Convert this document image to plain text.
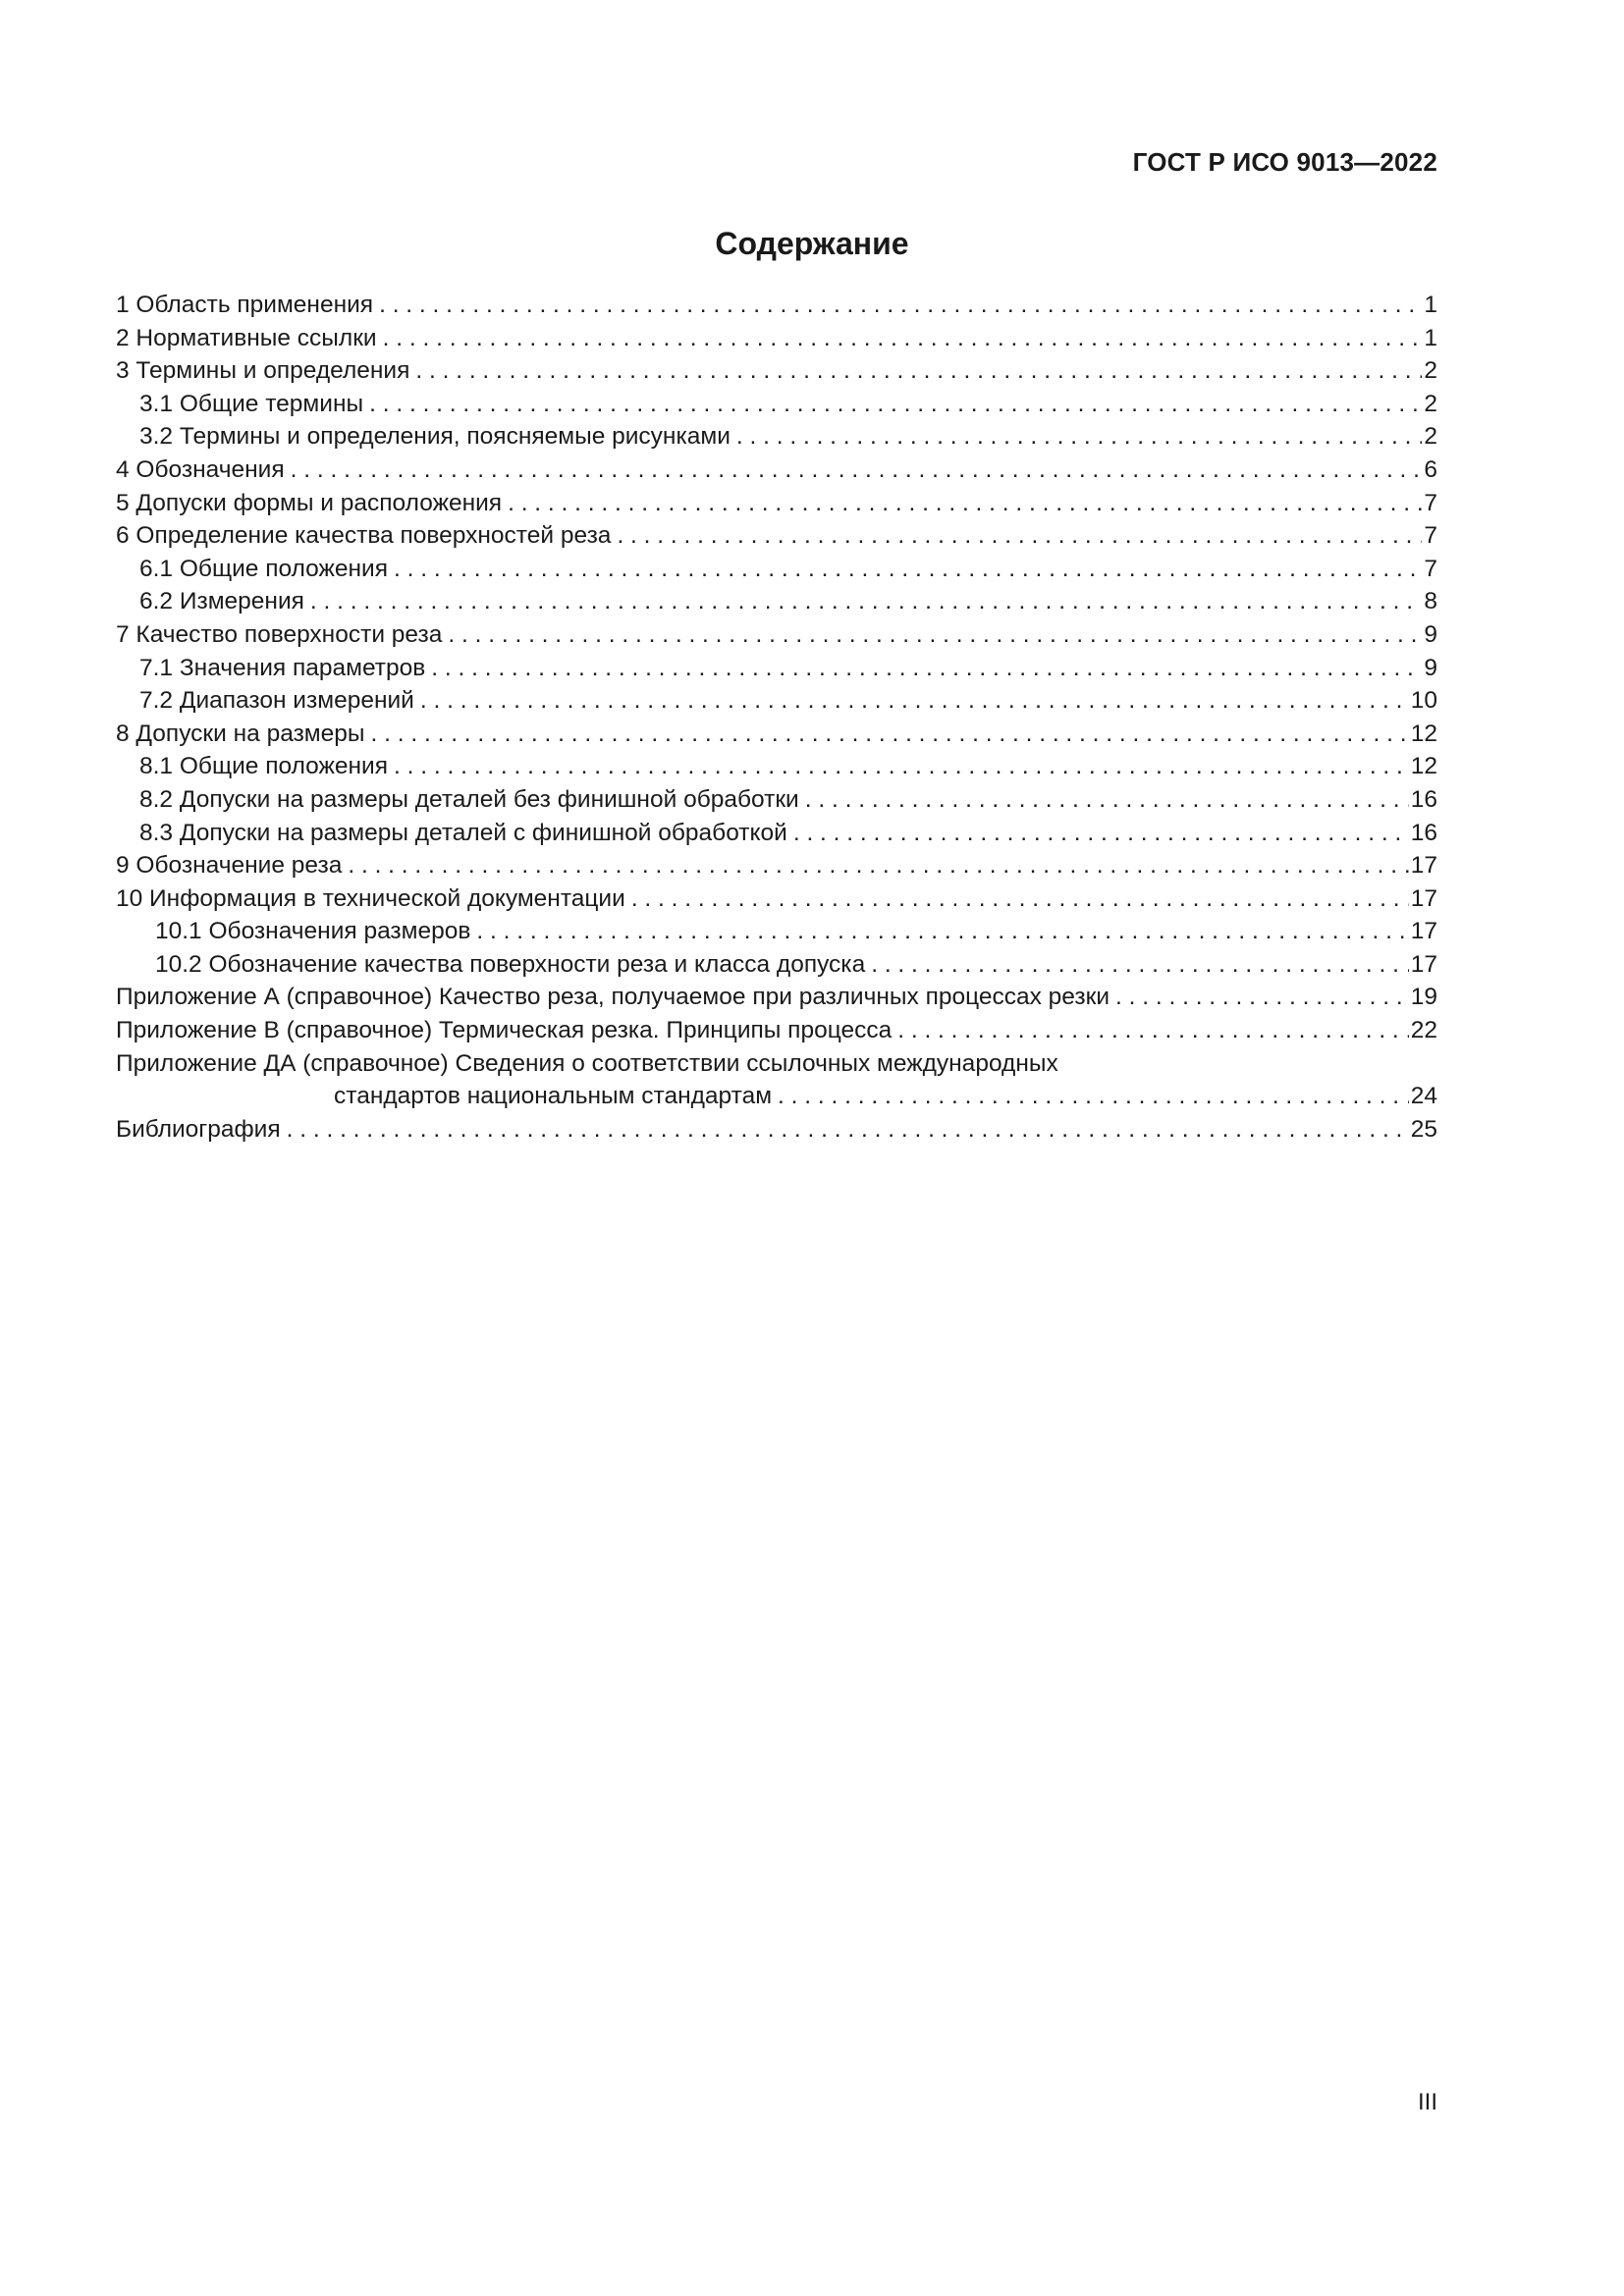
ГОСТ Р ИСО 9013—2022
Содержание
1 Область применения . . .	1
2 Нормативные ссылки . . .	1
3 Термины и определения . . .	2
3.1 Общие термины . . .	2
3.2 Термины и определения, поясняемые рисунками . . .	2
4 Обозначения . . .	6
5 Допуски формы и расположения . . .	7
6 Определение качества поверхностей реза . . .	7
6.1 Общие положения . . .	7
6.2 Измерения . . .	8
7 Качество поверхности реза . . .	9
7.1 Значения параметров . . .	9
7.2 Диапазон измерений . . .	10
8 Допуски на размеры . . .	12
8.1 Общие положения . . .	12
8.2 Допуски на размеры деталей без финишной обработки . . .	16
8.3 Допуски на размеры деталей с финишной обработкой . . .	16
9 Обозначение реза . . .	17
10 Информация в технической документации . . .	17
10.1 Обозначения размеров . . .	17
10.2 Обозначение качества поверхности реза и класса допуска . . .	17
Приложение А (справочное) Качество реза, получаемое при различных процессах резки . . .	19
Приложение В (справочное) Термическая резка. Принципы процесса . . .	22
Приложение ДА (справочное) Сведения о соответствии ссылочных международных
стандартов национальным стандартам . . .	24
Библиография . . .	25
III
